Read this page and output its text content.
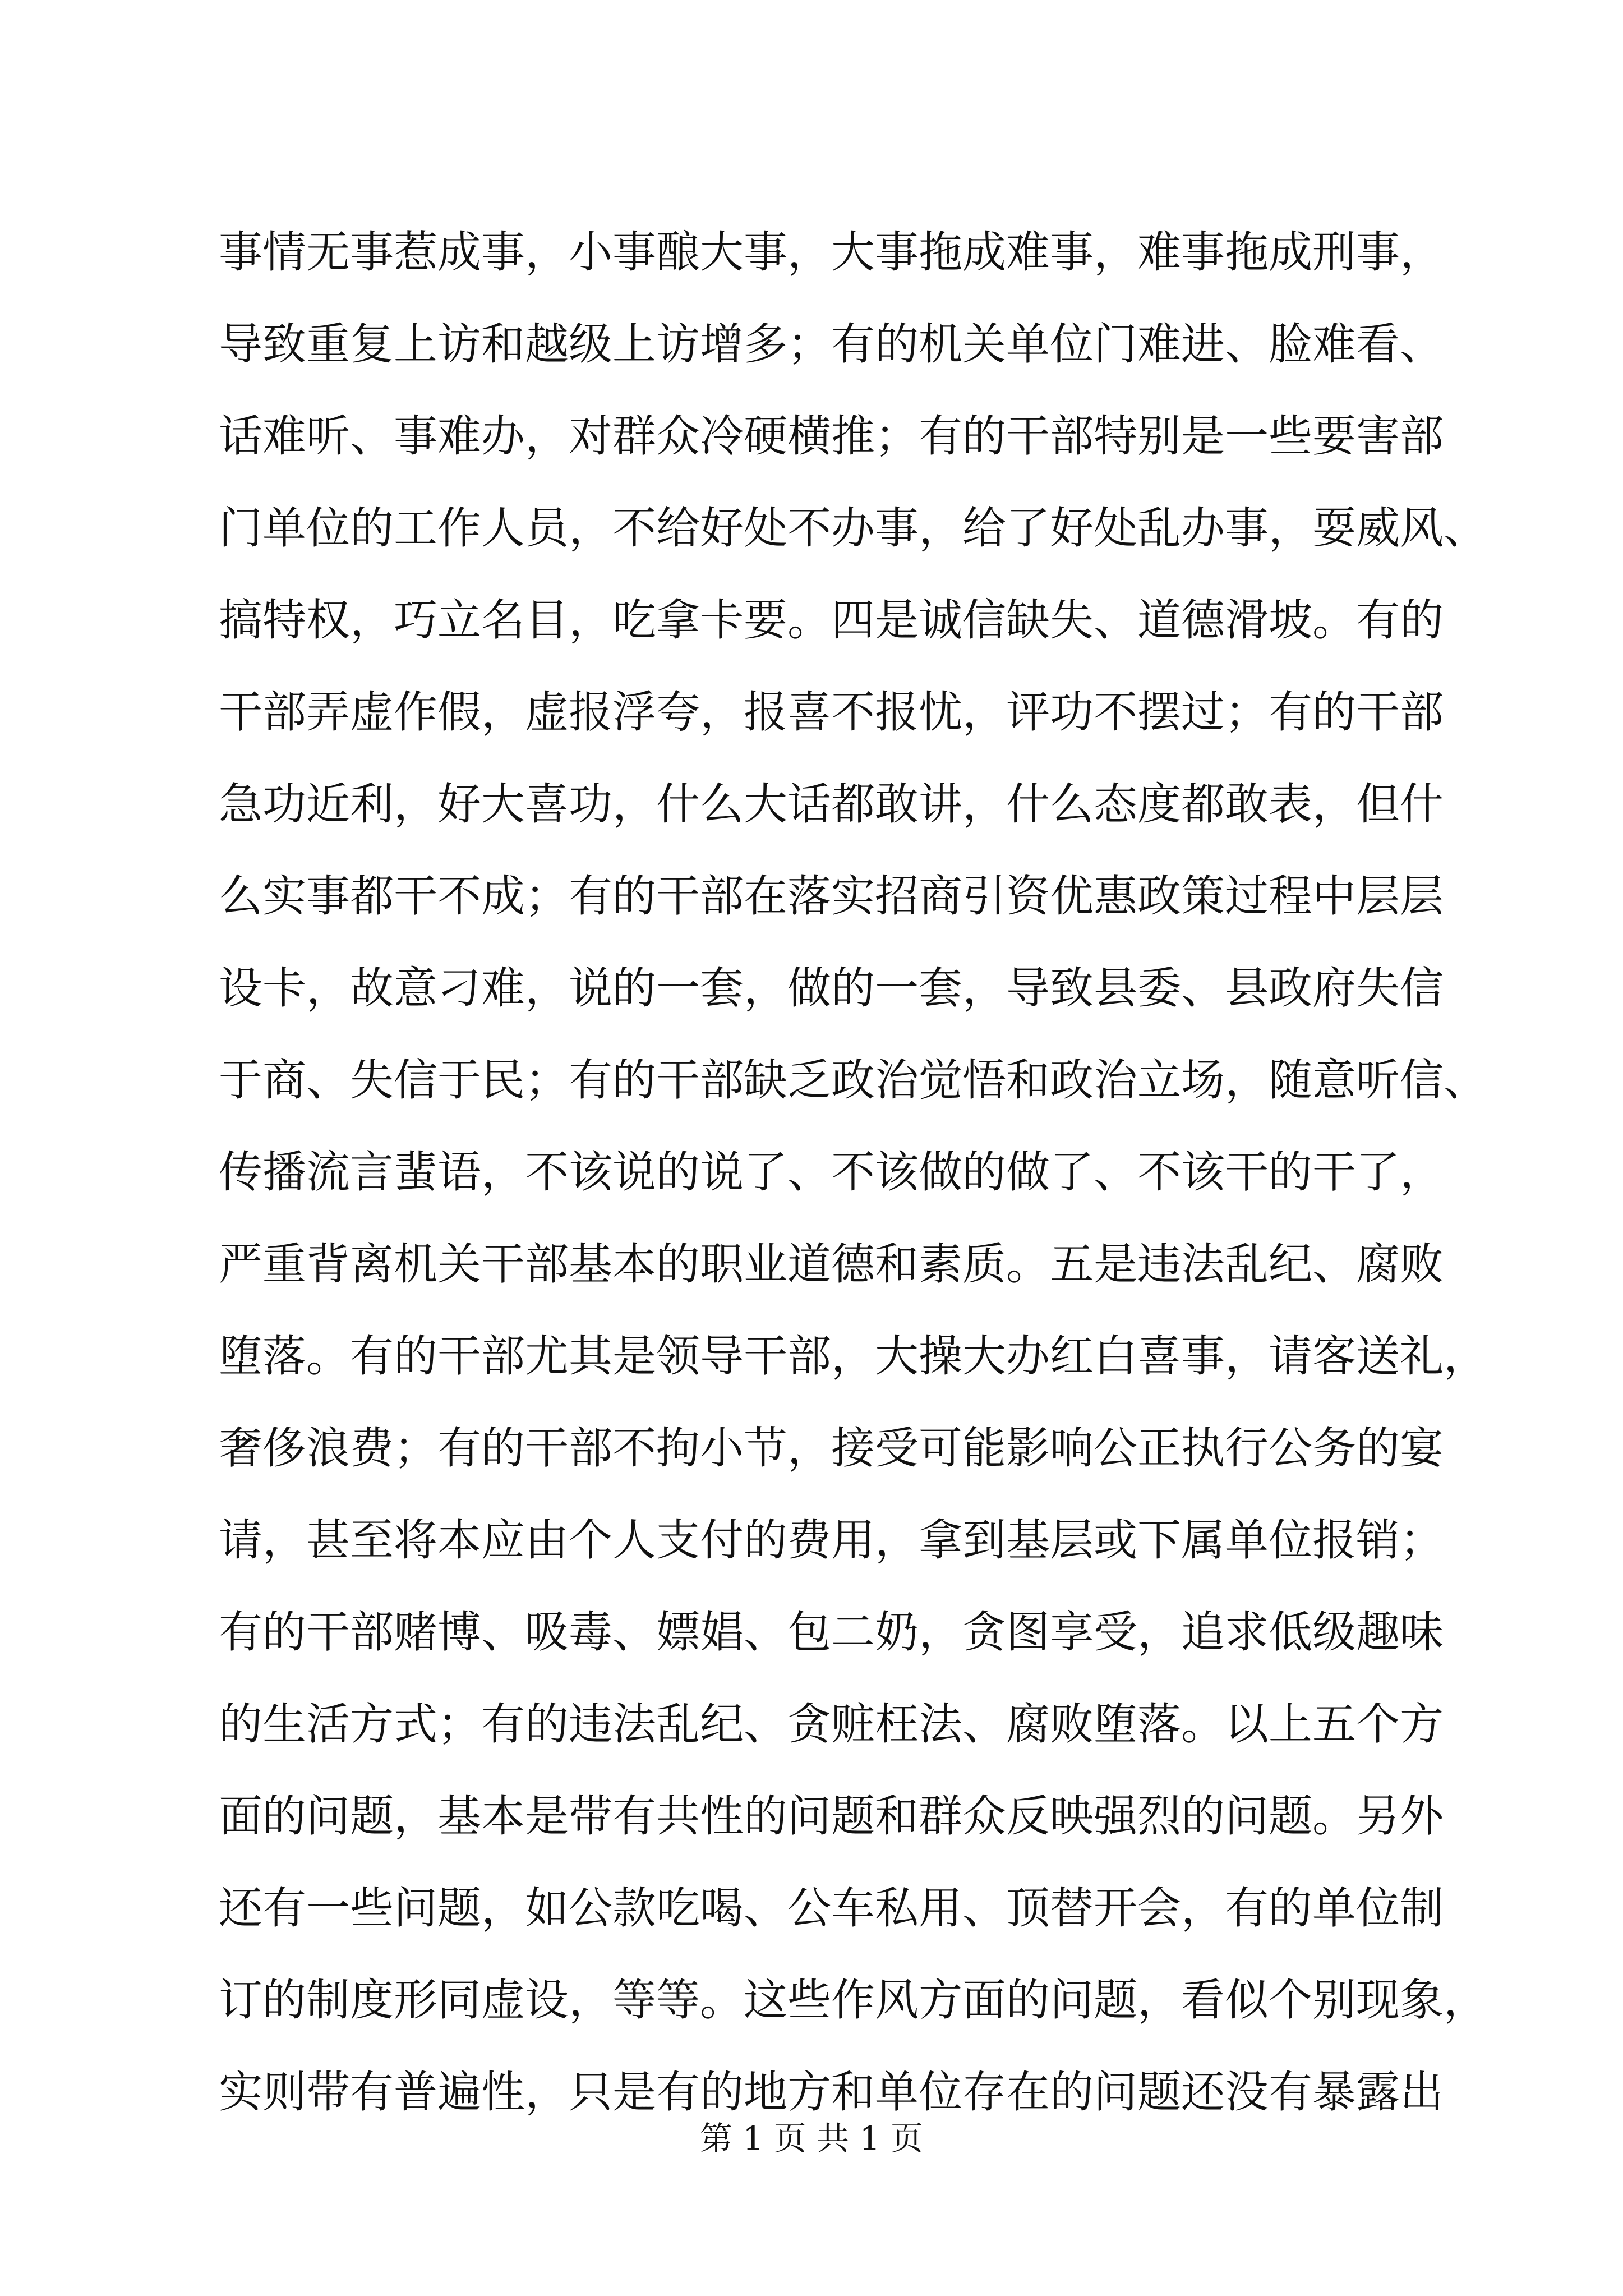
事情无事惹成事，小事酿大事，大事拖成难事，难事拖成刑事，
导致重复上访和越级上访增多；有的机关单位门难进、脸难看、
话难听、事难办，对群众冷硬横推；有的干部特别是一些要害部
门单位的工作人员，不给好处不办事，给了好处乱办事，耍威风、
搞特权，巧立名目，吃拿卡要。四是诚信缺失、道德滑坡。有的
干部弄虚作假，虚报浮夸，报喜不报忧，评功不摆过；有的干部
急功近利，好大喜功，什么大话都敢讲，什么态度都敢表，但什
么实事都干不成；有的干部在落实招商引资优惠政策过程中层层
设卡，故意刁难，说的一套，做的一套，导致县委、县政府失信
于商、失信于民；有的干部缺乏政治觉悟和政治立场，随意听信、
传播流言蜚语，不该说的说了、不该做的做了、不该干的干了，
严重背离机关干部基本的职业道德和素质。五是违法乱纪、腐败
堕落。有的干部尤其是领导干部，大操大办红白喜事，请客送礼，
奢侈浪费；有的干部不拘小节，接受可能影响公正执行公务的宴
请，甚至将本应由个人支付的费用，拿到基层或下属单位报销；
有的干部赌博、吸毒、嫖娼、包二奶，贪图享受，追求低级趣味
的生活方式；有的违法乱纪、贪赃枉法、腐败堕落。以上五个方
面的问题，基本是带有共性的问题和群众反映强烈的问题。另外
还有一些问题，如公款吃喝、公车私用、顶替开会，有的单位制
订的制度形同虚设，等等。这些作风方面的问题，看似个别现象，
实则带有普遍性，只是有的地方和单位存在的问题还没有暴露出
第 1 页 共 1 页
